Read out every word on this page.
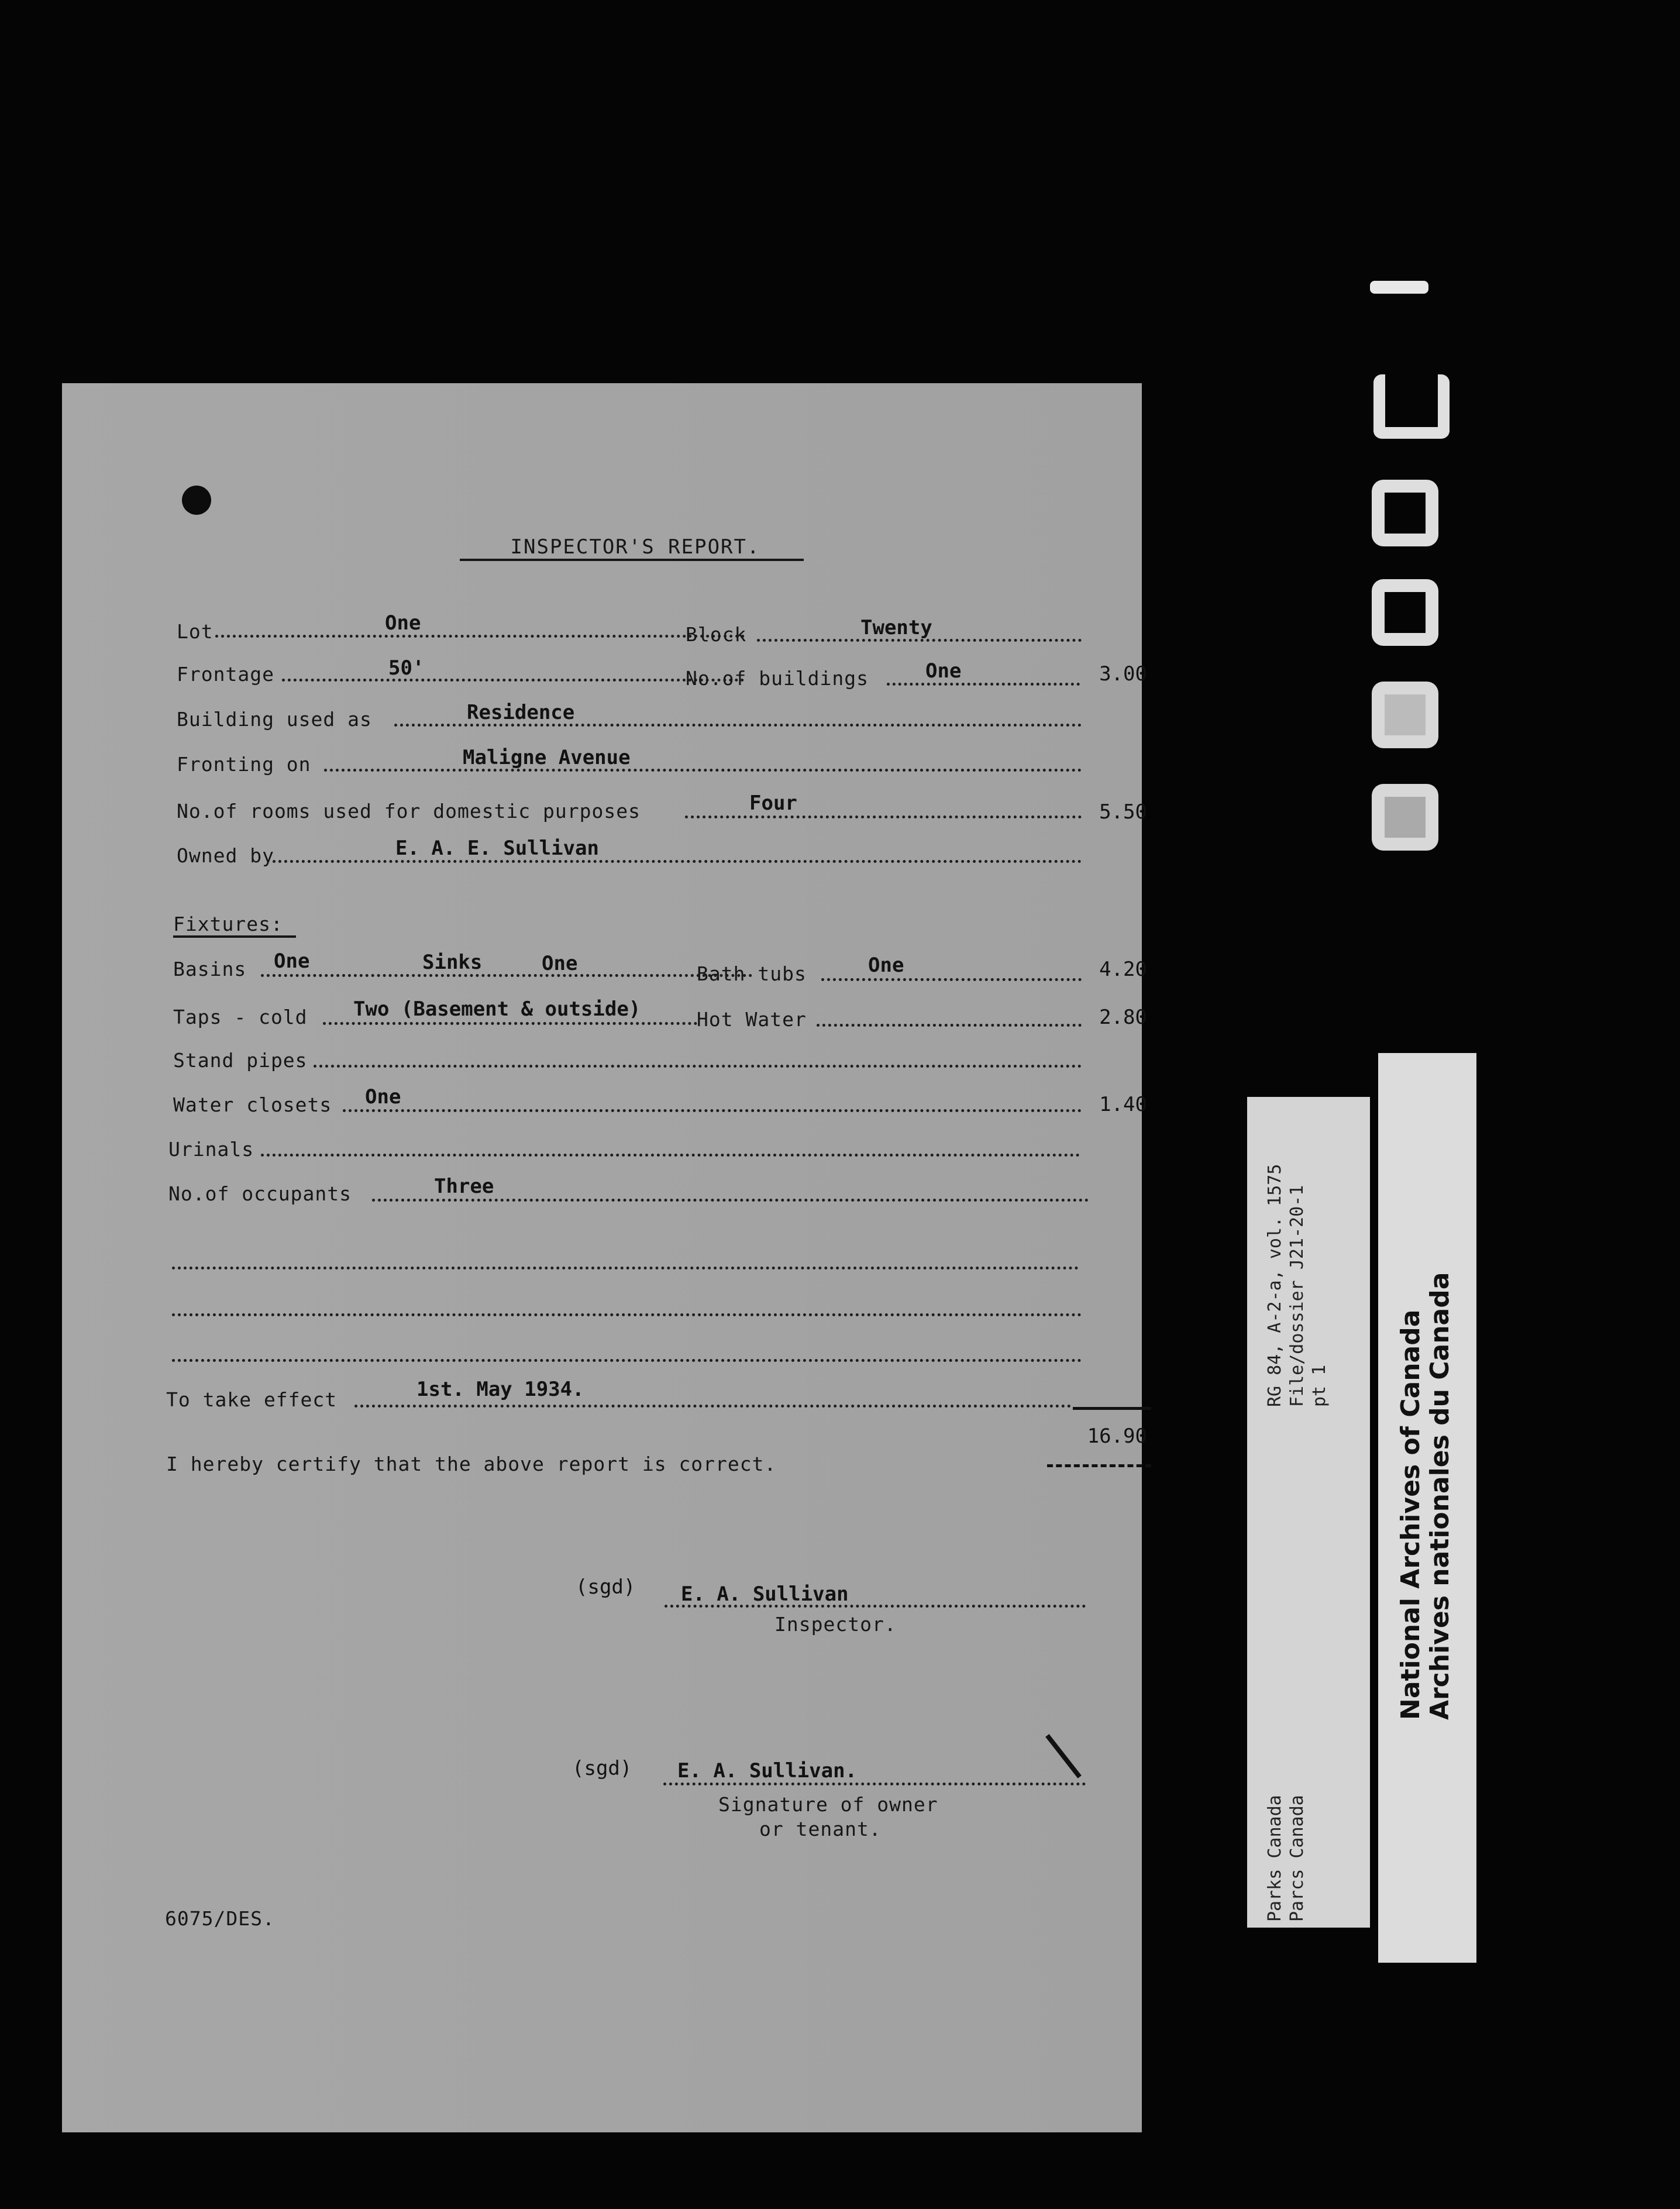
INSPECTOR'S REPORT.
Lot	One	Block	Twenty
Frontage	50'	No.of buildings	One	3.00
Building used as	Residence
Fronting on	Maligne Avenue
No.of rooms used for domestic purposes	Four	5.50
Owned by	E. A. E. Sullivan
Fixtures:
Basins One	Sinks	One	Bath tubs	One	4.20
Taps - cold Two (Basement & outside)	Hot Water	2.80
Stand pipes
Water closets One	1.40
Urinals
No.of occupants	Three
To take effect	1st. May 1934.
16.90
I hereby certify that the above report is correct.
(sgd) E. A. Sullivan
Inspector.
(sgd) E. A. Sullivan.
Signature of owner
or tenant.
6075/DES.
RG 84, A-2-a, vol. 1575 File/dossier J21-20-1 pt 1
Parks Canada Parcs Canada
National Archives of Canada Archives nationales du Canada
